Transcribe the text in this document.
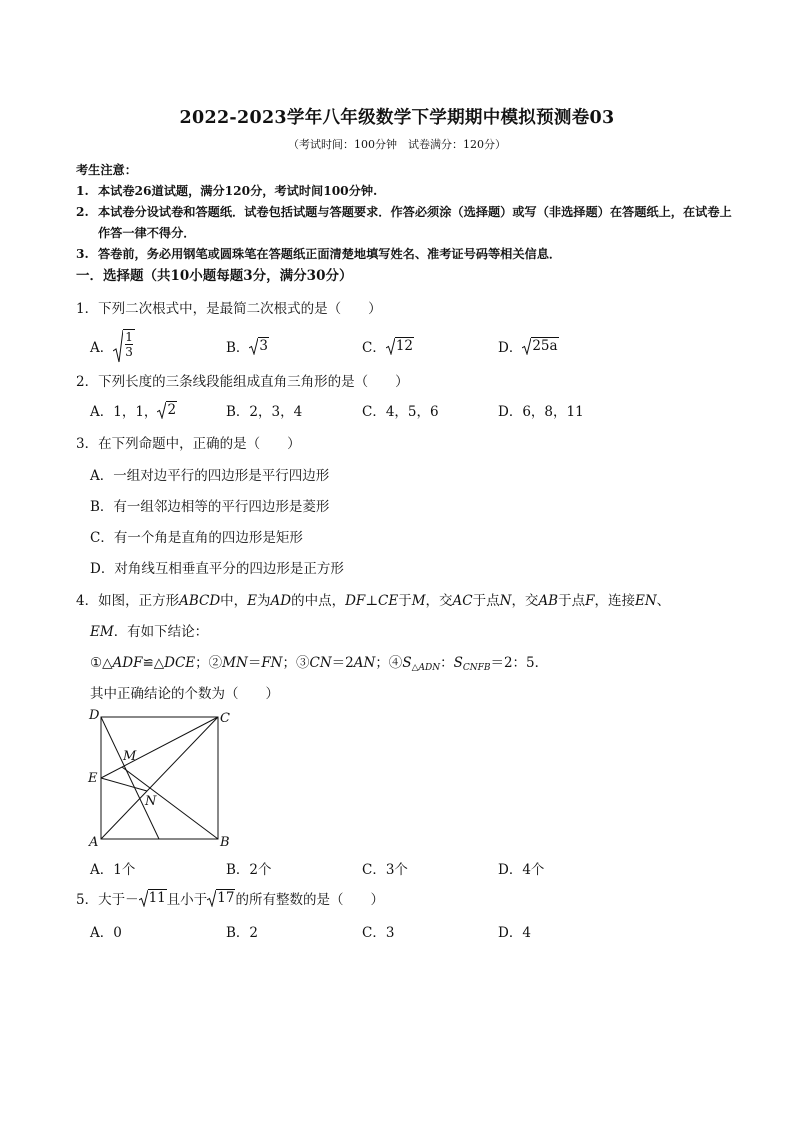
2022-2023学年八年级数学下学期期中模拟预测卷03
（考试时间：100分钟　试卷满分：120分）
考生注意：
1. 本试卷26道试题，满分120分，考试时间100分钟.
2. 本试卷分设试卷和答题纸．试卷包括试题与答题要求．作答必须涂（选择题）或写（非选择题）在答题纸上，在试卷上作答一律不得分．
3. 答卷前，务必用钢笔或圆珠笔在答题纸正面清楚地填写姓名、准考证号码等相关信息．
一．选择题（共10小题每题3分，满分30分）
1．下列二次根式中，是最简二次根式的是（　　）
A． $\frac{1}{3}$	B． 3	C． 12	D． 25a
2．下列长度的三条线段能组成直角三角形的是（　　）
A．1，1， 2	B．2，3，4	C．4，5，6	D．6，8，11
3．在下列命题中，正确的是（　　）
A．一组对边平行的四边形是平行四边形
B．有一组邻边相等的平行四边形是菱形
C．有一个角是直角的四边形是矩形
D．对角线互相垂直平分的四边形是正方形
4．如图，正方形ABCD中，E为AD的中点，DF⊥CE于M，交AC于点N，交AB于点F，连接EN、
EM．有如下结论：
①△ADF≌△DCE；②MN＝FN；③CN＝2AN；$④S_{\triangle ADN}$：$S_{CNFB}=2$：5．
其中正确结论的个数为（　　）
D	C
M
E
N
A	B
A．1个	B．2个	C．3个	D．4个
5．大于－ 11 且小于 17 的所有整数的是（　　）
A．0	B．2	C．3	D．4
